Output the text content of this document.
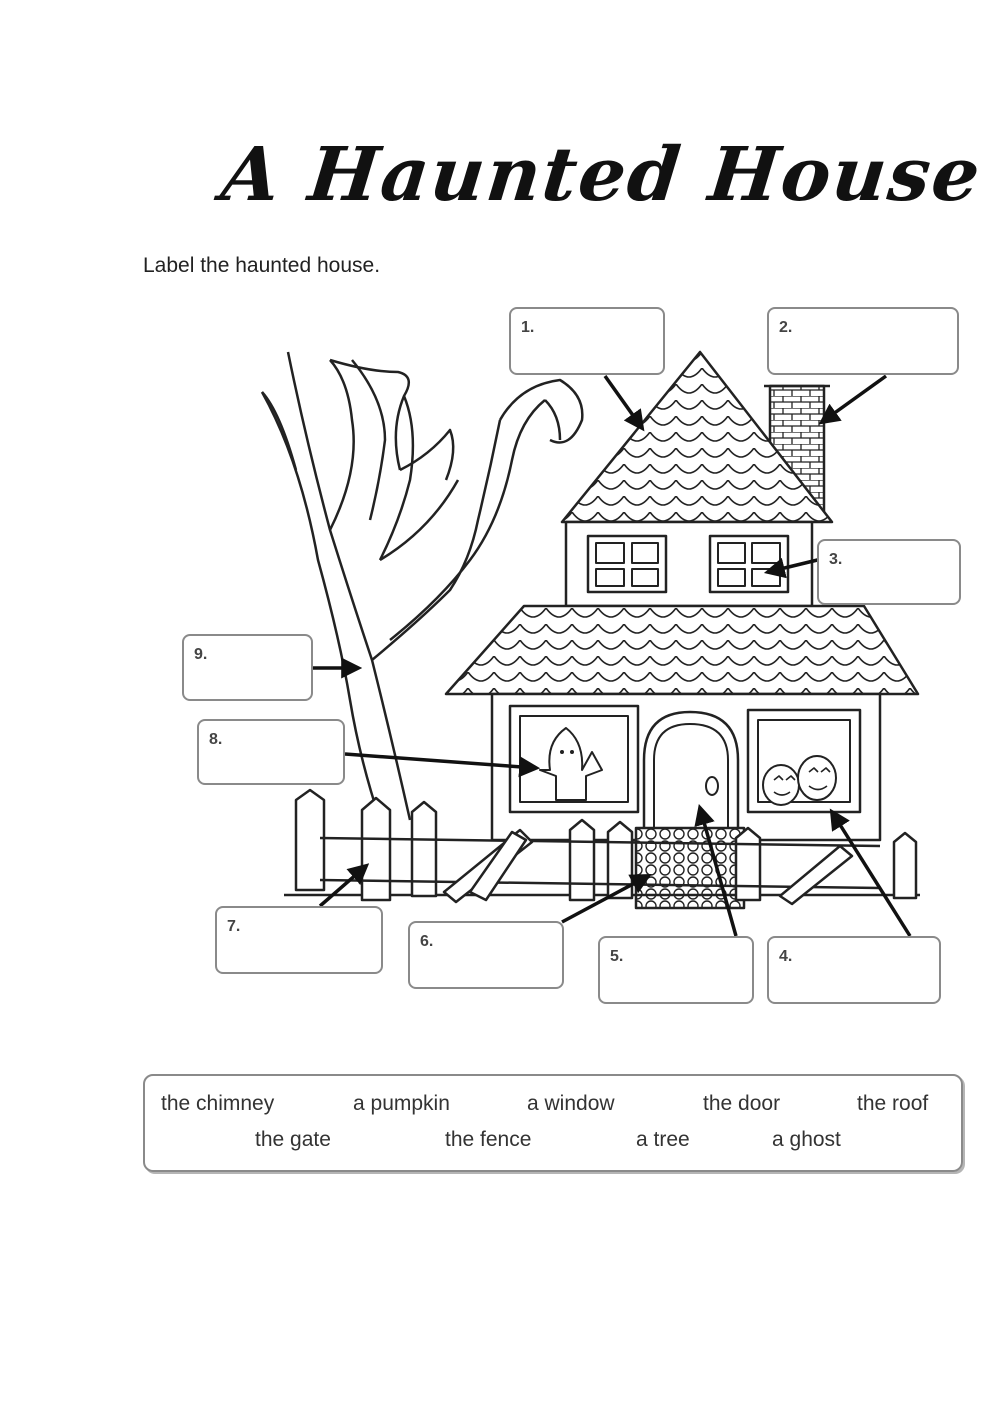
A Haunted House
Label the haunted house.
1.	2.
3.
4.
5.
6.
7.
8.
9.
the chimney	a pumpkin	a window	the door	the roof
the gate	the fence	a tree	a ghost
